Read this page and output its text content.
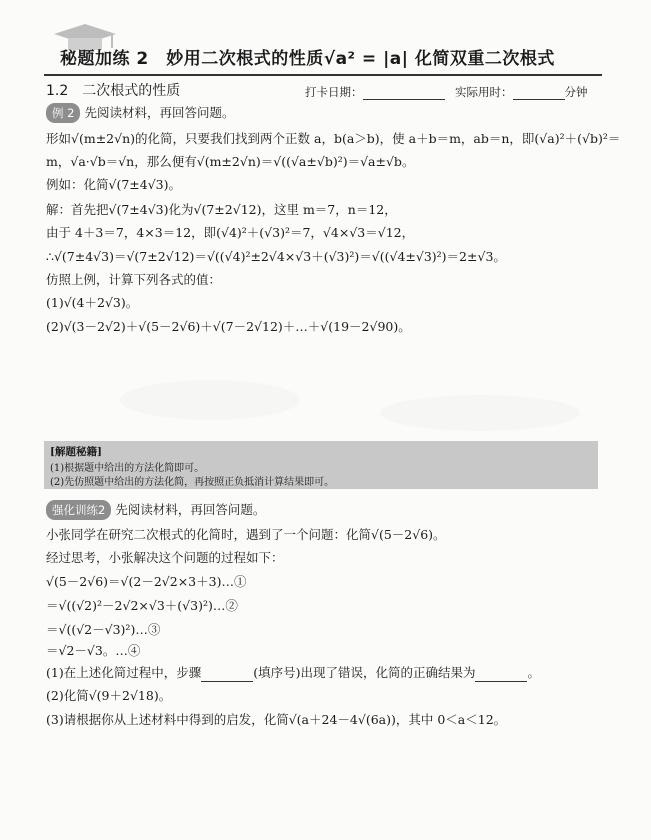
秘题加练 2　妙用二次根式的性质√a² = |a| 化简双重二次根式
1.2　二次根式的性质	打卡日期：	实际用时：	分钟
例 2 先阅读材料，再回答问题。
形如√(m±2√n)的化简，只要我们找到两个正数 a，b(a＞b)，使 a＋b＝m，ab＝n，即(√a)²＋(√b)²＝
m，√a·√b＝√n，那么便有√(m±2√n)＝√((√a±√b)²)＝√a±√b。
例如：化简√(7±4√3)。
解：首先把√(7±4√3)化为√(7±2√12)，这里 m＝7，n＝12，
由于 4＋3＝7，4×3＝12，即(√4)²＋(√3)²＝7，√4×√3＝√12，
∴√(7±4√3)＝√(7±2√12)＝√((√4)²±2√4×√3＋(√3)²)＝√((√4±√3)²)＝2±√3。
仿照上例，计算下列各式的值：
(1)√(4＋2√3)。
(2)√(3－2√2)＋√(5－2√6)＋√(7－2√12)＋…＋√(19－2√90)。
[解题秘籍]
(1)根据题中给出的方法化简即可。
(2)先仿照题中给出的方法化简，再按照正负抵消计算结果即可。
强化训练2 先阅读材料，再回答问题。
小张同学在研究二次根式的化简时，遇到了一个问题：化简√(5－2√6)。
经过思考，小张解决这个问题的过程如下：
√(5－2√6)＝√(2－2√2×3＋3)…①
＝√((√2)²－2√2×√3＋(√3)²)…②
＝√((√2－√3)²)…③
＝√2－√3。…④
(1)在上述化简过程中，步骤	(填序号)出现了错误，化简的正确结果为	。
(2)化简√(9＋2√18)。
(3)请根据你从上述材料中得到的启发，化简√(a＋24－4√(6a))，其中 0＜a＜12。
